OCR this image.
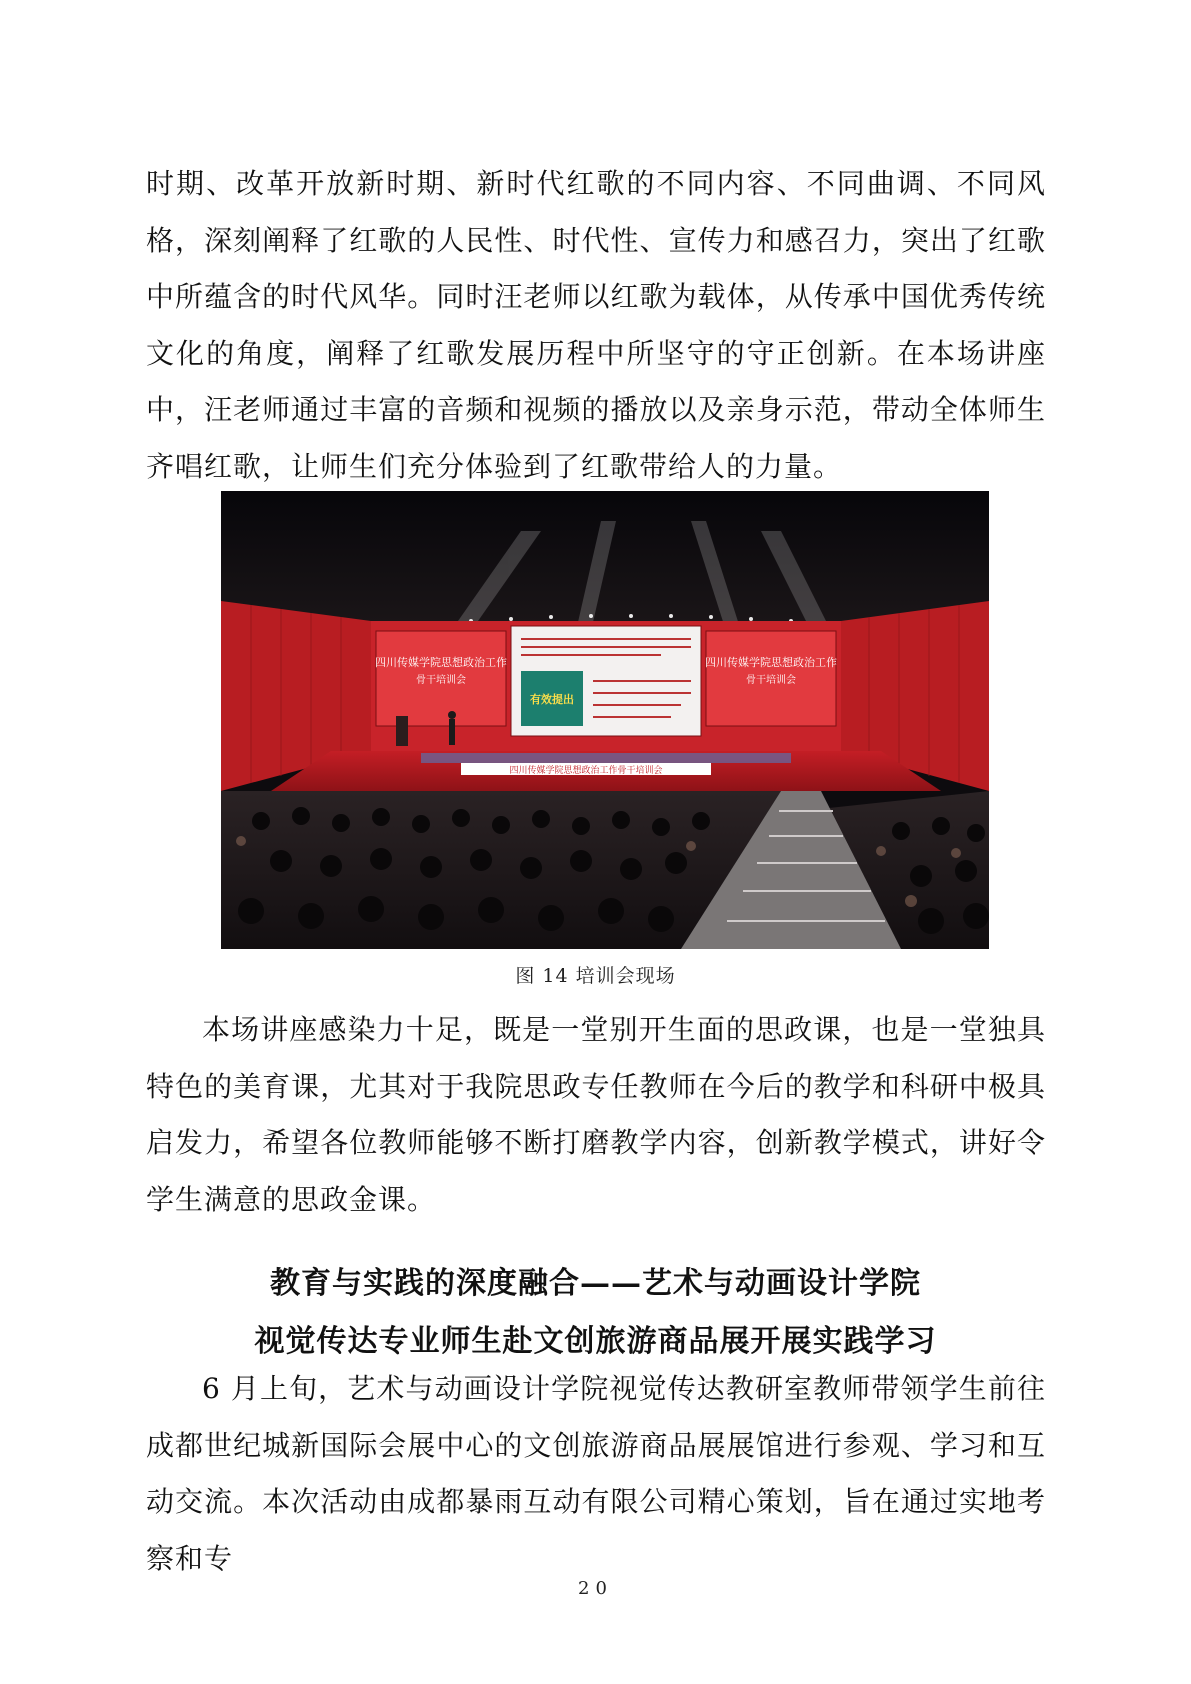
时期、改革开放新时期、新时代红歌的不同内容、不同曲调、不同风格，深刻阐释了红歌的人民性、时代性、宣传力和感召力，突出了红歌中所蕴含的时代风华。同时汪老师以红歌为载体，从传承中国优秀传统文化的角度，阐释了红歌发展历程中所坚守的守正创新。在本场讲座中，汪老师通过丰富的音频和视频的播放以及亲身示范，带动全体师生齐唱红歌，让师生们充分体验到了红歌带给人的力量。

四川传媒学院思想政治工作
骨干培训会
有效提出
四川传媒学院思想政治工作
骨干培训会
四川传媒学院思想政治工作骨干培训会
图 14 培训会现场

本场讲座感染力十足，既是一堂别开生面的思政课，也是一堂独具特色的美育课，尤其对于我院思政专任教师在今后的教学和科研中极具启发力，希望各位教师能够不断打磨教学内容，创新教学模式，讲好令学生满意的思政金课。

教育与实践的深度融合——艺术与动画设计学院
视觉传达专业师生赴文创旅游商品展开展实践学习

6 月上旬，艺术与动画设计学院视觉传达教研室教师带领学生前往成都世纪城新国际会展中心的文创旅游商品展展馆进行参观、学习和互动交流。本次活动由成都暴雨互动有限公司精心策划，旨在通过实地考察和专

20
